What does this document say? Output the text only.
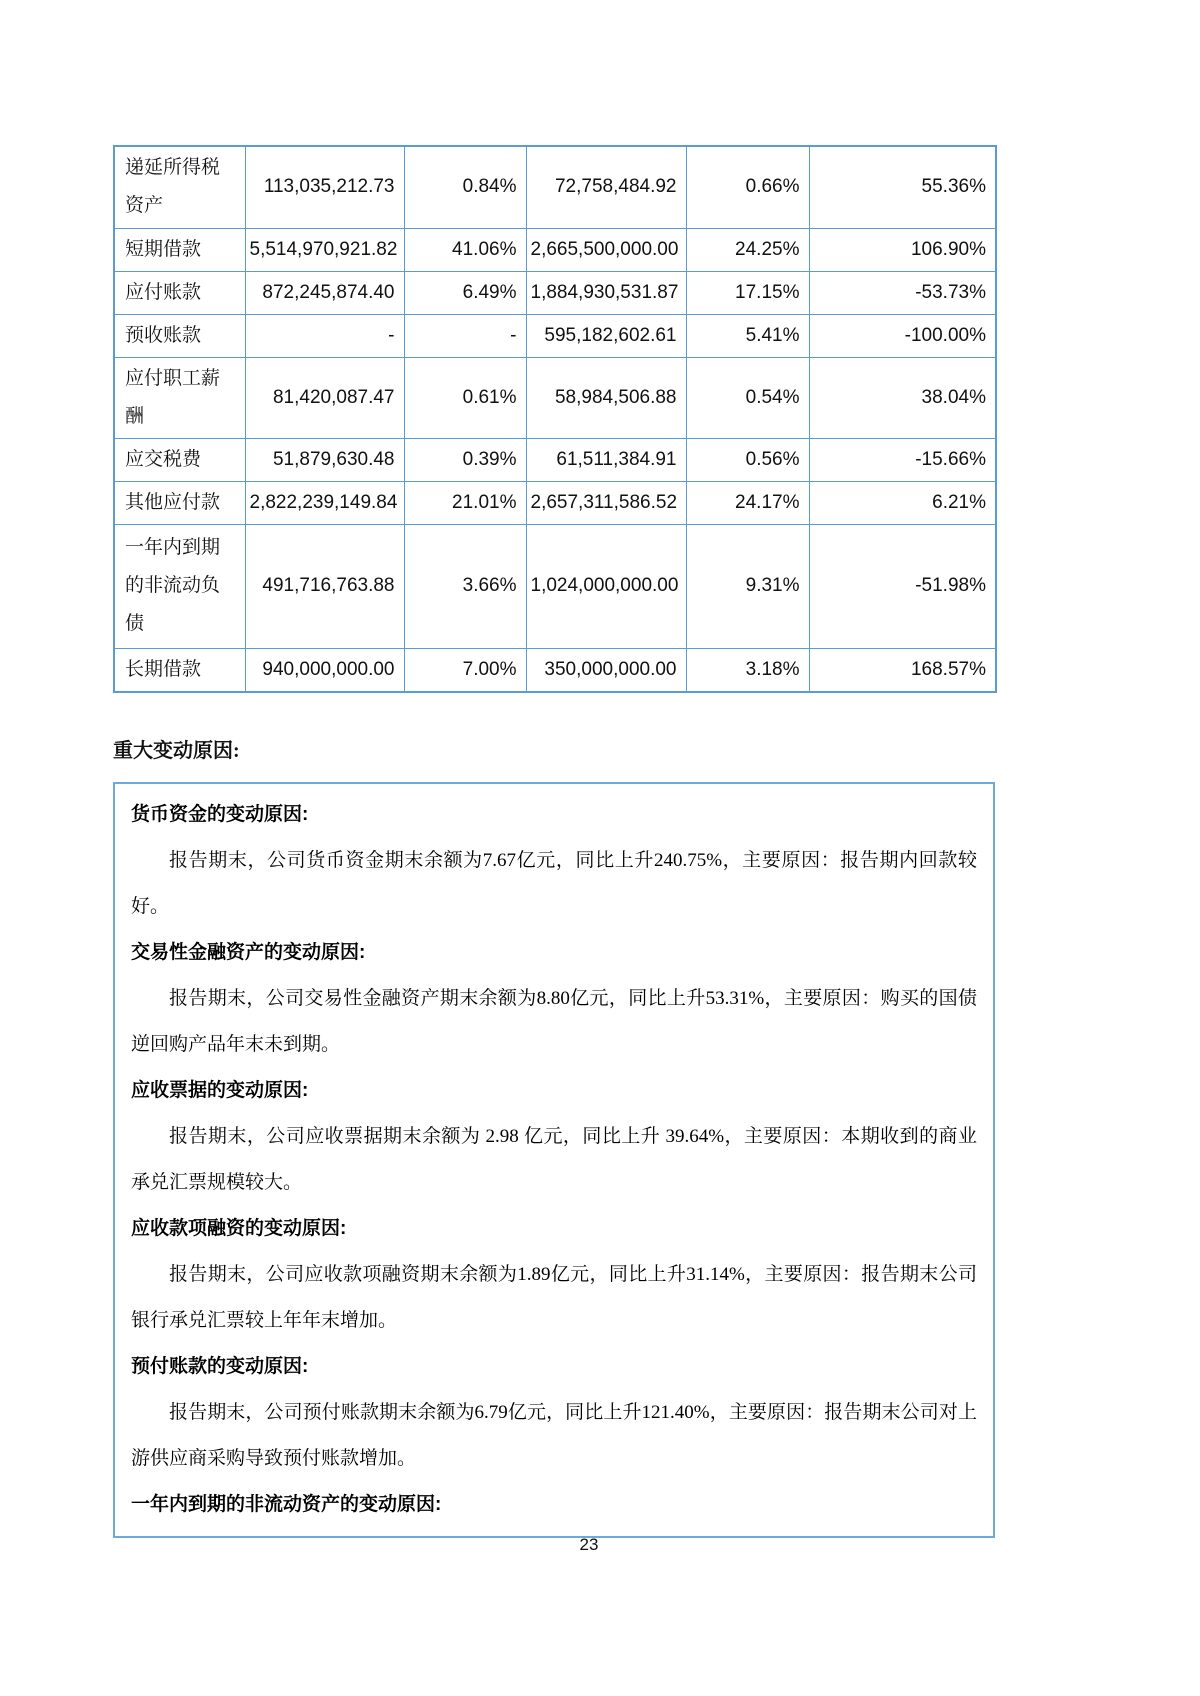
递延所得税资产	113,035,212.73	0.84%	72,758,484.92	0.66%	55.36%
短期借款	5,514,970,921.82	41.06%	2,665,500,000.00	24.25%	106.90%
应付账款	872,245,874.40	6.49%	1,884,930,531.87	17.15%	-53.73%
预收账款	-	-	595,182,602.61	5.41%	-100.00%
应付职工薪酬	81,420,087.47	0.61%	58,984,506.88	0.54%	38.04%
应交税费	51,879,630.48	0.39%	61,511,384.91	0.56%	-15.66%
其他应付款	2,822,239,149.84	21.01%	2,657,311,586.52	24.17%	6.21%
一年内到期的非流动负债	491,716,763.88	3.66%	1,024,000,000.00	9.31%	-51.98%
长期借款	940,000,000.00	7.00%	350,000,000.00	3.18%	168.57%
重大变动原因:
货币资金的变动原因:

报告期末，公司货币资金期末余额为7.67亿元，同比上升240.75%，主要原因：报告期内回款较好。

交易性金融资产的变动原因:

报告期末，公司交易性金融资产期末余额为8.80亿元，同比上升53.31%，主要原因：购买的国债逆回购产品年末未到期。

应收票据的变动原因:

报告期末，公司应收票据期末余额为 2.98 亿元，同比上升 39.64%，主要原因：本期收到的商业承兑汇票规模较大。

应收款项融资的变动原因:

报告期末，公司应收款项融资期末余额为1.89亿元，同比上升31.14%，主要原因：报告期末公司银行承兑汇票较上年年末增加。

预付账款的变动原因:

报告期末，公司预付账款期末余额为6.79亿元，同比上升121.40%，主要原因：报告期末公司对上游供应商采购导致预付账款增加。

一年内到期的非流动资产的变动原因:
23
